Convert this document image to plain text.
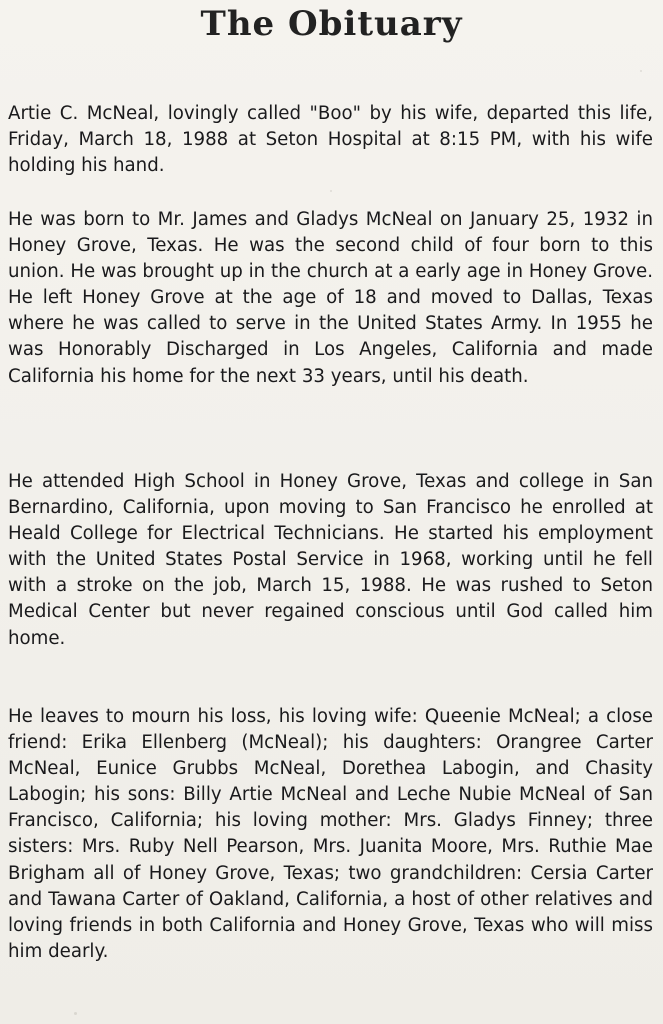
The Obituary

Artie C. McNeal, lovingly called "Boo" by his wife, departed this life, Friday, March 18, 1988 at Seton Hospital at 8:15 PM, with his wife holding his hand.

He was born to Mr. James and Gladys McNeal on January 25, 1932 in Honey Grove, Texas. He was the second child of four born to this union. He was brought up in the church at a early age in Honey Grove. He left Honey Grove at the age of 18 and moved to Dallas, Texas where he was called to serve in the United States Army. In 1955 he was Honorably Discharged in Los Angeles, California and made California his home for the next 33 years, until his death.

He attended High School in Honey Grove, Texas and college in San Bernardino, California, upon moving to San Francisco he enrolled at Heald College for Electrical Technicians. He started his employment with the United States Postal Service in 1968, working until he fell with a stroke on the job, March 15, 1988. He was rushed to Seton Medical Center but never regained conscious until God called him home.

He leaves to mourn his loss, his loving wife: Queenie McNeal; a close friend: Erika Ellenberg (McNeal); his daughters: Orangree Carter McNeal, Eunice Grubbs McNeal, Dorethea Labogin, and Chasity Labogin; his sons: Billy Artie McNeal and Leche Nubie McNeal of San Francisco, California; his loving mother: Mrs. Gladys Finney; three sisters: Mrs. Ruby Nell Pearson, Mrs. Juanita Moore, Mrs. Ruthie Mae Brigham all of Honey Grove, Texas; two grandchildren: Cersia Carter and Tawana Carter of Oakland, California, a host of other relatives and loving friends in both California and Honey Grove, Texas who will miss him dearly.
